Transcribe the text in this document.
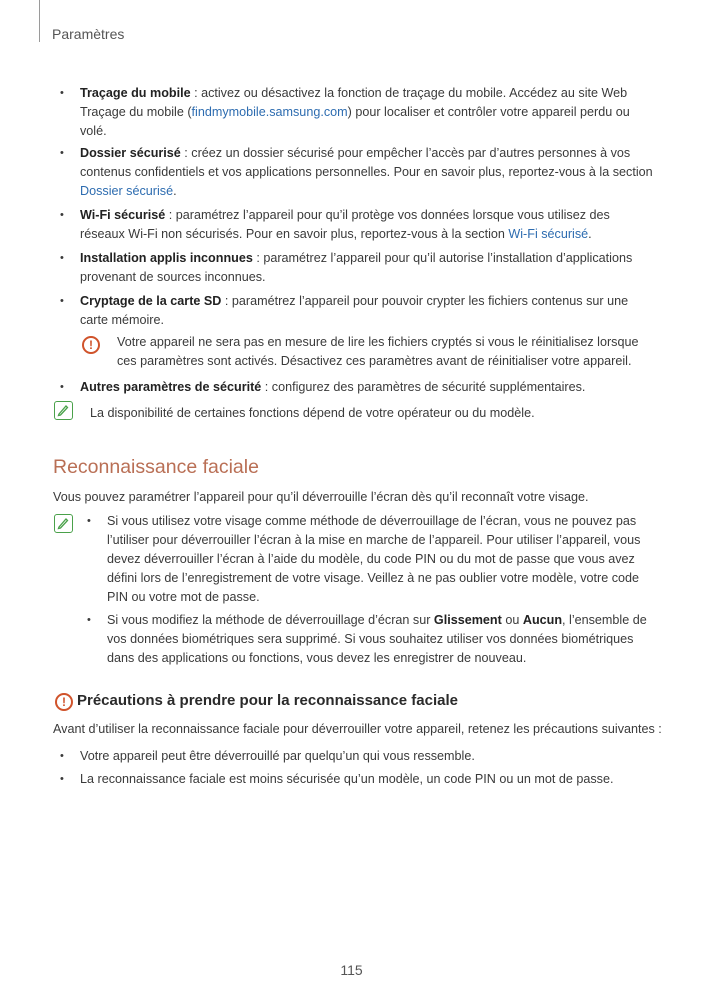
Paramètres
• Traçage du mobile : activez ou désactivez la fonction de traçage du mobile. Accédez au site Web Traçage du mobile (findmymobile.samsung.com) pour localiser et contrôler votre appareil perdu ou volé.
• Dossier sécurisé : créez un dossier sécurisé pour empêcher l’accès par d’autres personnes à vos contenus confidentiels et vos applications personnelles. Pour en savoir plus, reportez-vous à la section Dossier sécurisé.
• Wi-Fi sécurisé : paramétrez l’appareil pour qu’il protège vos données lorsque vous utilisez des réseaux Wi-Fi non sécurisés. Pour en savoir plus, reportez-vous à la section Wi-Fi sécurisé.
• Installation applis inconnues : paramétrez l’appareil pour qu’il autorise l’installation d’applications provenant de sources inconnues.
• Cryptage de la carte SD : paramétrez l’appareil pour pouvoir crypter les fichiers contenus sur une carte mémoire.
!	Votre appareil ne sera pas en mesure de lire les fichiers cryptés si vous le réinitialisez lorsque ces paramètres sont activés. Désactivez ces paramètres avant de réinitialiser votre appareil.
• Autres paramètres de sécurité : configurez des paramètres de sécurité supplémentaires.
La disponibilité de certaines fonctions dépend de votre opérateur ou du modèle.
Reconnaissance faciale
Vous pouvez paramétrer l’appareil pour qu’il déverrouille l’écran dès qu’il reconnaît votre visage.
• Si vous utilisez votre visage comme méthode de déverrouillage de l’écran, vous ne pouvez pas l’utiliser pour déverrouiller l’écran à la mise en marche de l’appareil. Pour utiliser l’appareil, vous devez déverrouiller l’écran à l’aide du modèle, du code PIN ou du mot de passe que vous avez défini lors de l’enregistrement de votre visage. Veillez à ne pas oublier votre modèle, votre code PIN ou votre mot de passe.
• Si vous modifiez la méthode de déverrouillage d’écran sur Glissement ou Aucun, l’ensemble de vos données biométriques sera supprimé. Si vous souhaitez utiliser vos données biométriques dans des applications ou fonctions, vous devez les enregistrer de nouveau.
! Précautions à prendre pour la reconnaissance faciale
Avant d’utiliser la reconnaissance faciale pour déverrouiller votre appareil, retenez les précautions suivantes :
• Votre appareil peut être déverrouillé par quelqu’un qui vous ressemble.
• La reconnaissance faciale est moins sécurisée qu’un modèle, un code PIN ou un mot de passe.
115
